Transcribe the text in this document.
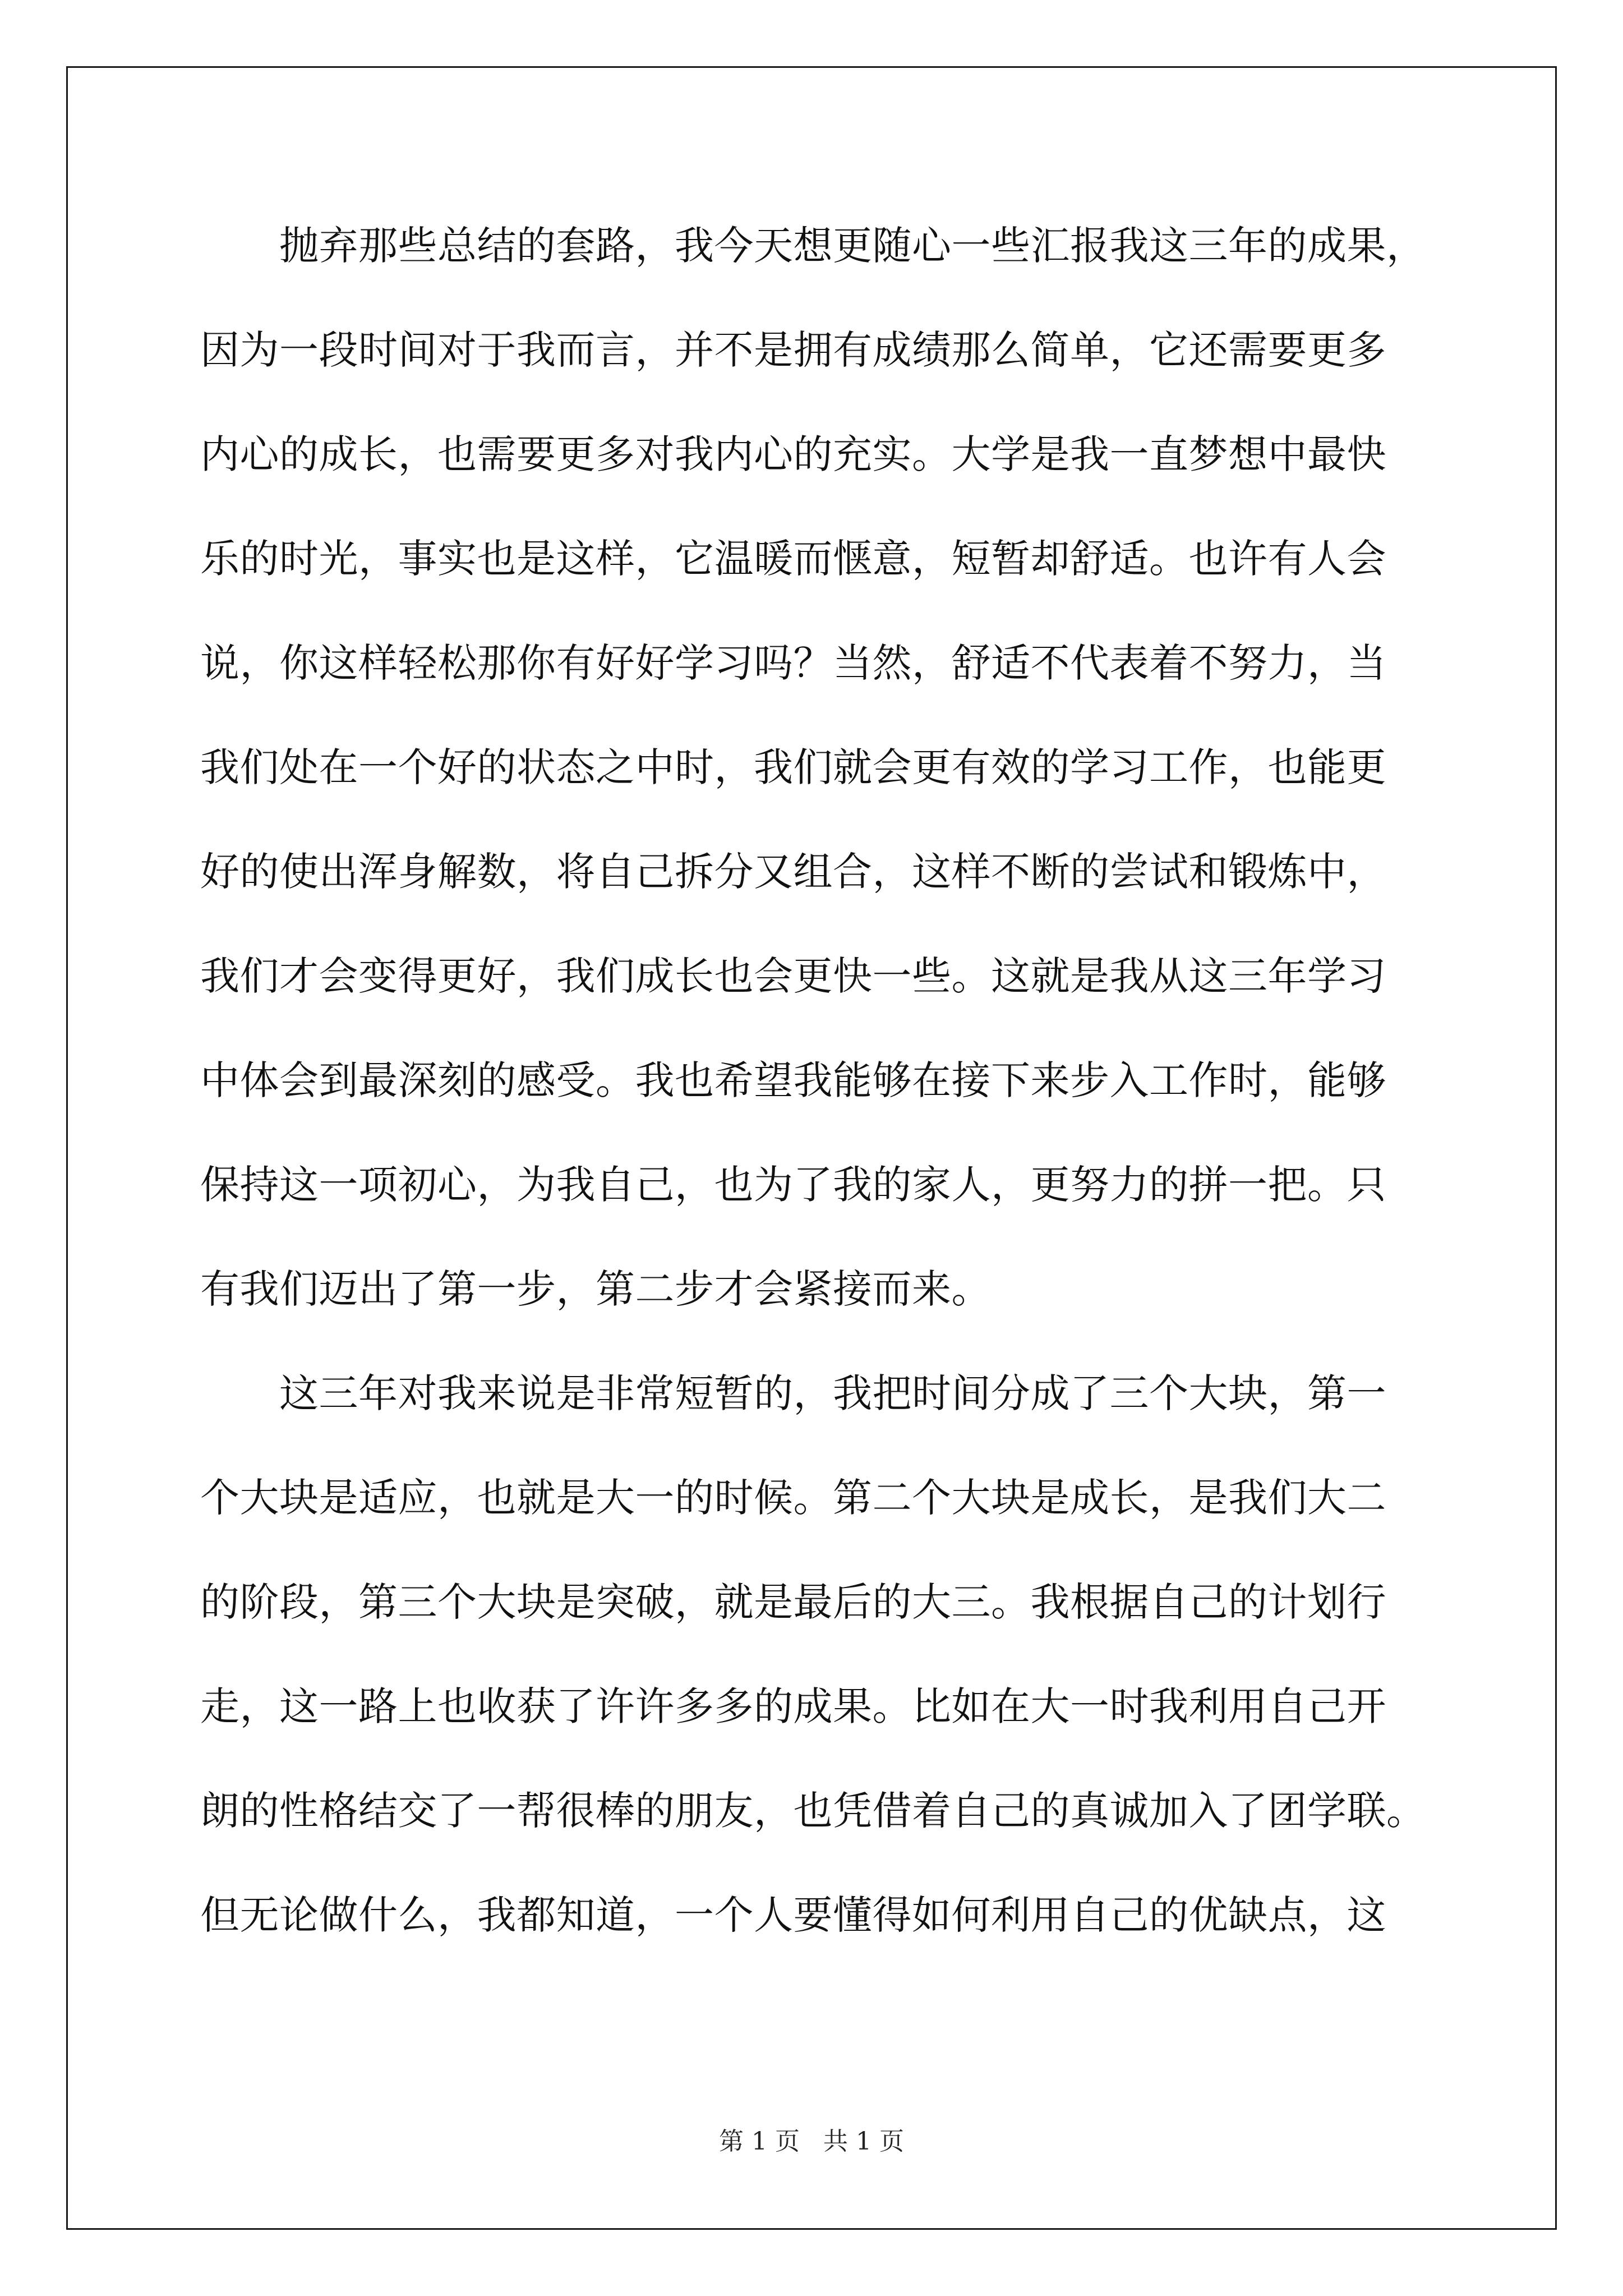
　　抛弃那些总结的套路，我今天想更随心一些汇报我这三年的成果，
因为一段时间对于我而言，并不是拥有成绩那么简单，它还需要更多
内心的成长，也需要更多对我内心的充实。大学是我一直梦想中最快
乐的时光，事实也是这样，它温暖而惬意，短暂却舒适。也许有人会
说，你这样轻松那你有好好学习吗？当然，舒适不代表着不努力，当
我们处在一个好的状态之中时，我们就会更有效的学习工作，也能更
好的使出浑身解数，将自己拆分又组合，这样不断的尝试和锻炼中，
我们才会变得更好，我们成长也会更快一些。这就是我从这三年学习
中体会到最深刻的感受。我也希望我能够在接下来步入工作时，能够
保持这一项初心，为我自己，也为了我的家人，更努力的拼一把。只
有我们迈出了第一步，第二步才会紧接而来。
　　这三年对我来说是非常短暂的，我把时间分成了三个大块，第一
个大块是适应，也就是大一的时候。第二个大块是成长，是我们大二
的阶段，第三个大块是突破，就是最后的大三。我根据自己的计划行
走，这一路上也收获了许许多多的成果。比如在大一时我利用自己开
朗的性格结交了一帮很棒的朋友，也凭借着自己的真诚加入了团学联。
但无论做什么，我都知道，一个人要懂得如何利用自己的优缺点，这
第 1 页 共 1 页
